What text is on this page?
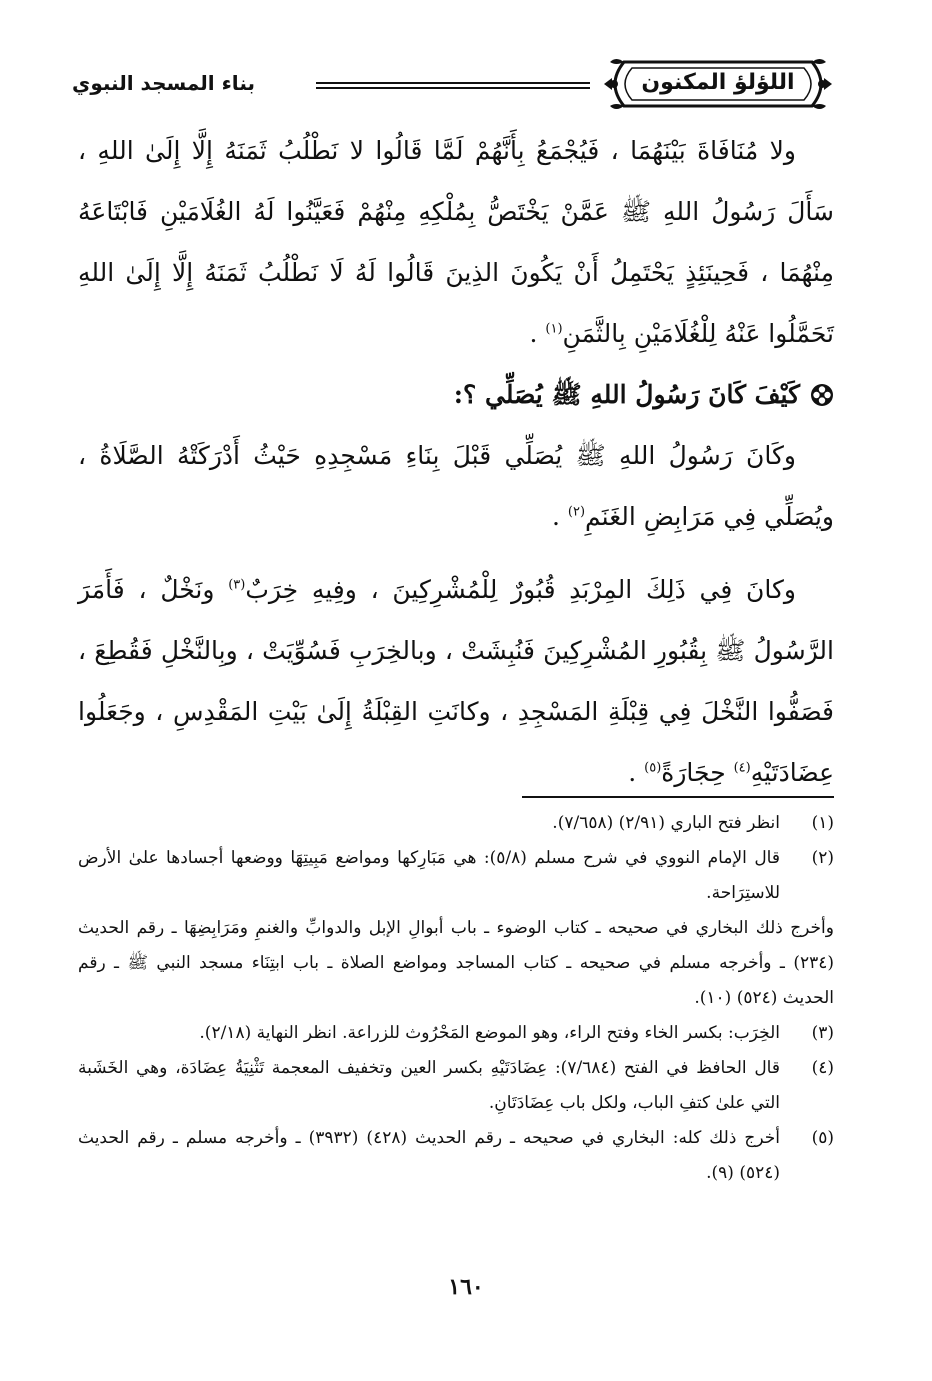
اللؤلؤ المكنون
بناء المسجد النبوي

ولا مُنَافَاةَ بَيْنَهُمَا ، فَيُجْمَعُ بِأَنَّهُمْ لَمَّا قَالُوا لا نَطْلُبُ ثَمَنَهُ إِلَّا إِلَىٰ اللهِ ، سَأَلَ رَسُولُ اللهِ ﷺ عَمَّنْ يَخْتَصُّ بِمُلْكِهِ مِنْهُمْ فَعَيَّنُوا لَهُ الغُلَامَيْنِ فَابْتَاعَهُ مِنْهُمَا ، فَحِينَئِذٍ يَحْتَمِلُ أَنْ يَكُونَ الذِينَ قَالُوا لَهُ لَا نَطْلُبُ ثَمَنَهُ إِلَّا إِلَىٰ اللهِ تَحَمَّلُوا عَنْهُ لِلْغُلَامَيْنِ بِالثَّمَنِ$^{(١)}$ .

كَيْفَ كَانَ رَسُولُ اللهِ ﷺ يُصَلِّي ؟:

وكَانَ رَسُولُ اللهِ ﷺ يُصَلِّي قَبْلَ بِنَاءِ مَسْجِدِهِ حَيْثُ أَدْرَكَتْهُ الصَّلَاةُ ، ويُصَلِّي فِي مَرَابِضِ الغَنَمِ$^{(٢)}$ .

وكانَ فِي ذَلِكَ المِرْبَدِ قُبُورٌ لِلْمُشْرِكِينَ ، وفِيهِ خِرَبٌ$^{(٣)}$ ونَخْلٌ ، فَأَمَرَ الرَّسُولُ ﷺ بِقُبُورِ المُشْرِكِينَ فَنُبِشَتْ ، وبالخِرَبِ فَسُوِّيَتْ ، وبِالنَّخْلِ فَقُطِعَ ، فَصَفُّوا النَّخْلَ فِي قِبْلَةِ المَسْجِدِ ، وكانَتِ القِبْلَةُ إِلَىٰ بَيْتِ المَقْدِسِ ، وجَعَلُوا عِضَادَتَيْهِ$^{(٤)}$ حِجَارَةً$^{(٥)}$ .

(١)
انظر فتح الباري (٢/٩١) (٧/٦٥٨).
(٢)
قال الإمام النووي في شرح مسلم (٥/٨): هي مَبَارِكها ومواضع مَبِيتِهَا ووضعها أجسادها علىٰ الأرض للاستِرَاحة.
وأخرج ذلك البخاري في صحيحه ـ كتاب الوضوء ـ باب أبوالِ الإبل والدوابِّ والغنمِ ومَرَابِضِهَا ـ رقم الحديث (٢٣٤) ـ وأخرجه مسلم في صحيحه ـ كتاب المساجد ومواضع الصلاة ـ باب ابتِنَاء مسجد النبي ﷺ ـ رقم الحديث (٥٢٤) (١٠).
(٣)
الخِرَب: بكسر الخاء وفتح الراء، وهو الموضع المَحْرُوث للزراعة. انظر النهاية (٢/١٨).
(٤)
قال الحافظ في الفتح (٧/٦٨٤): عِضَادَتَيْهِ بكسر العين وتخفيف المعجمة تَثْنِيَةُ عِضَادَة، وهي الخَشَبة التي علىٰ كتفِ الباب، ولكل باب عِضَادَتَانِ.
(٥)
أخرج ذلك كله: البخاري في صحيحه ـ رقم الحديث (٤٢٨) (٣٩٣٢) ـ وأخرجه مسلم ـ رقم الحديث (٥٢٤) (٩).
١٦٠
